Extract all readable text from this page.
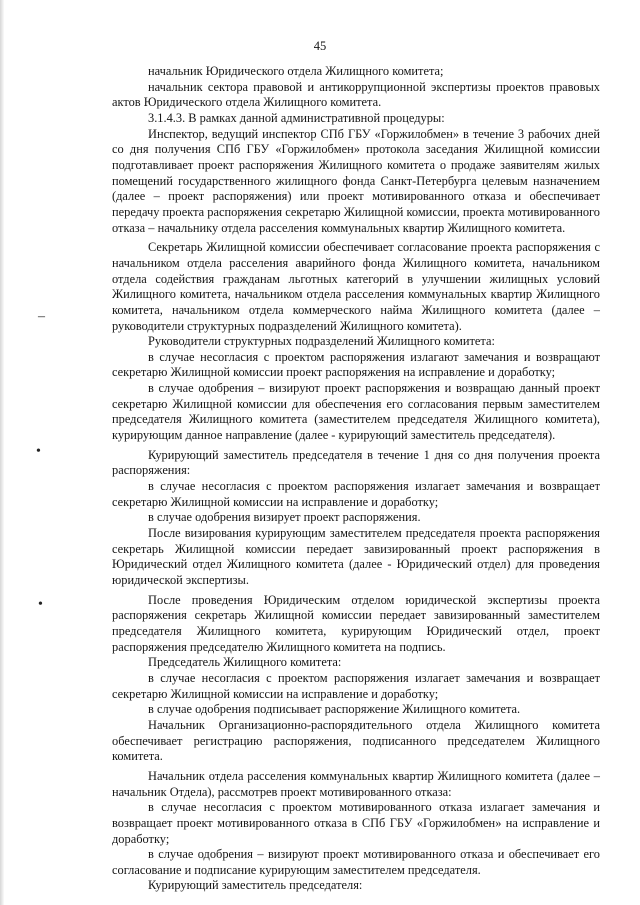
45

начальник Юридического отдела Жилищного комитета;

начальник сектора правовой и антикоррупционной экспертизы проектов правовых актов Юридического отдела Жилищного комитета.

3.1.4.3. В рамках данной административной процедуры:

Инспектор, ведущий инспектор СПб ГБУ «Горжилобмен» в течение 3 рабочих дней со дня получения СПб ГБУ «Горжилобмен» протокола заседания Жилищной комиссии подготавливает проект распоряжения Жилищного комитета о продаже заявителям жилых помещений государственного жилищного фонда Санкт-Петербурга целевым назначением (далее – проект распоряжения) или проект мотивированного отказа и обеспечивает передачу проекта распоряжения секретарю Жилищной комиссии, проекта мотивированного отказа – начальнику отдела расселения коммунальных квартир Жилищного комитета.

Секретарь Жилищной комиссии обеспечивает согласование проекта распоряжения с начальником отдела расселения аварийного фонда Жилищного комитета, начальником отдела содействия гражданам льготных категорий в улучшении жилищных условий Жилищного комитета, начальником отдела расселения коммунальных квартир Жилищного комитета, начальником отдела коммерческого найма Жилищного комитета (далее – руководители структурных подразделений Жилищного комитета).

Руководители структурных подразделений Жилищного комитета:

в случае несогласия с проектом распоряжения излагают замечания и возвращают секретарю Жилищной комиссии проект распоряжения на исправление и доработку;

в случае одобрения – визируют проект распоряжения и возвращаю данный проект секретарю Жилищной комиссии для обеспечения его согласования первым заместителем председателя Жилищного комитета (заместителем председателя Жилищного комитета), курирующим данное направление (далее - курирующий заместитель председателя).

Курирующий заместитель председателя в течение 1 дня со дня получения проекта распоряжения:

в случае несогласия с проектом распоряжения излагает замечания и возвращает секретарю Жилищной комиссии на исправление и доработку;

в случае одобрения визирует проект распоряжения.

После визирования курирующим заместителем председателя проекта распоряжения секретарь Жилищной комиссии передает завизированный проект распоряжения в Юридический отдел Жилищного комитета (далее - Юридический отдел) для проведения юридической экспертизы.

После проведения Юридическим отделом юридической экспертизы проекта распоряжения секретарь Жилищной комиссии передает завизированный заместителем председателя Жилищного комитета, курирующим Юридический отдел, проект распоряжения председателю Жилищного комитета на подпись.

Председатель Жилищного комитета:

в случае несогласия с проектом распоряжения излагает замечания и возвращает секретарю Жилищной комиссии на исправление и доработку;

в случае одобрения подписывает распоряжение Жилищного комитета.

Начальник Организационно-распорядительного отдела Жилищного комитета обеспечивает регистрацию распоряжения, подписанного председателем Жилищного комитета.

Начальник отдела расселения коммунальных квартир Жилищного комитета (далее – начальник Отдела), рассмотрев проект мотивированного отказа:

в случае несогласия с проектом мотивированного отказа излагает замечания и возвращает проект мотивированного отказа в СПб ГБУ «Горжилобмен» на исправление и доработку;

в случае одобрения – визируют проект мотивированного отказа и обеспечивает его согласование и подписание курирующим заместителем председателя.

Курирующий заместитель председателя:

‒
•
•
